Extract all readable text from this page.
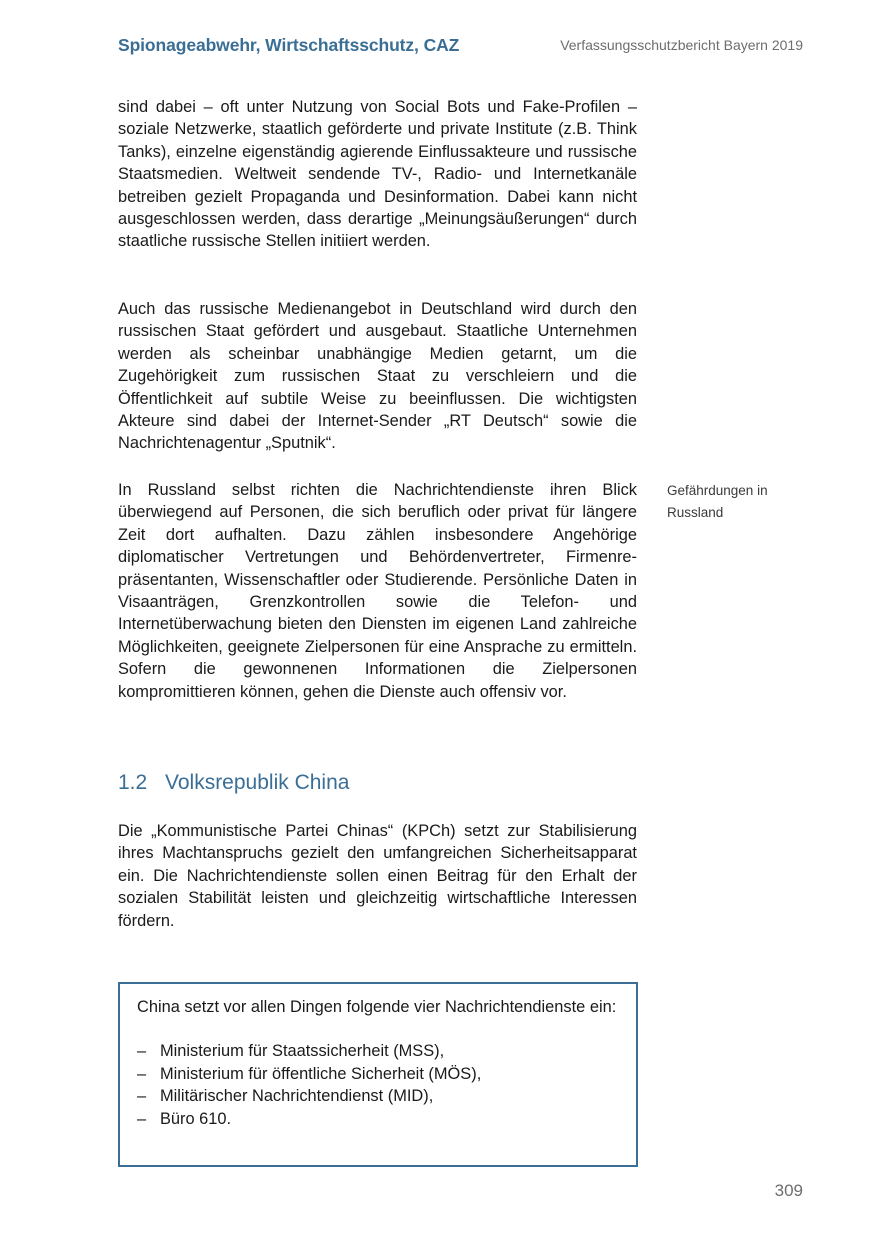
Spionageabwehr, Wirtschaftsschutz, CAZ	Verfassungsschutzbericht Bayern 2019

sind dabei – oft unter Nutzung von Social Bots und Fake-Profilen – soziale Netzwerke, staatlich geförderte und private Institute (z.B. Think Tanks), einzelne eigenständig agierende Einflussakteure und russische Staatsmedien. Weltweit sendende TV-, Radio- und Internetkanäle betreiben gezielt Propaganda und Desinformation. Dabei kann nicht ausgeschlossen werden, dass derartige „Meinungsäußerungen“ durch staatliche russische Stellen initiiert werden.

Auch das russische Medienangebot in Deutschland wird durch den russischen Staat gefördert und ausgebaut. Staatliche Unternehmen werden als scheinbar unabhängige Medien getarnt, um die Zugehörigkeit zum russischen Staat zu verschleiern und die Öffentlichkeit auf subtile Weise zu beeinflussen. Die wichtigsten Akteure sind dabei der Internet-Sender „RT Deutsch“ sowie die Nachrichtenagentur „Sputnik“.

In Russland selbst richten die Nachrichtendienste ihren Blick überwiegend auf Personen, die sich beruflich oder privat für längere Zeit dort aufhalten. Dazu zählen insbesondere Angehörige diplomatischer Vertretungen und Behördenvertreter, Firmenrepräsentanten, Wissenschaftler oder Studierende. Persönliche Daten in Visaanträgen, Grenzkontrollen sowie die Telefon- und Internetüberwachung bieten den Diensten im eigenen Land zahlreiche Möglichkeiten, geeignete Zielpersonen für eine Ansprache zu ermitteln. Sofern die gewonnenen Informationen die Zielpersonen kompromittieren können, gehen die Dienste auch offensiv vor.

Gefährdungen in Russland
1.2 Volksrepublik China

Die „Kommunistische Partei Chinas“ (KPCh) setzt zur Stabilisierung ihres Machtanspruchs gezielt den umfangreichen Sicherheitsapparat ein. Die Nachrichtendienste sollen einen Beitrag für den Erhalt der sozialen Stabilität leisten und gleichzeitig wirtschaftliche Interessen fördern.

China setzt vor allen Dingen folgende vier Nachrichtendienste ein:

– Ministerium für Staatssicherheit (MSS),
– Ministerium für öffentliche Sicherheit (MÖS),
– Militärischer Nachrichtendienst (MID),
– Büro 610.
309
